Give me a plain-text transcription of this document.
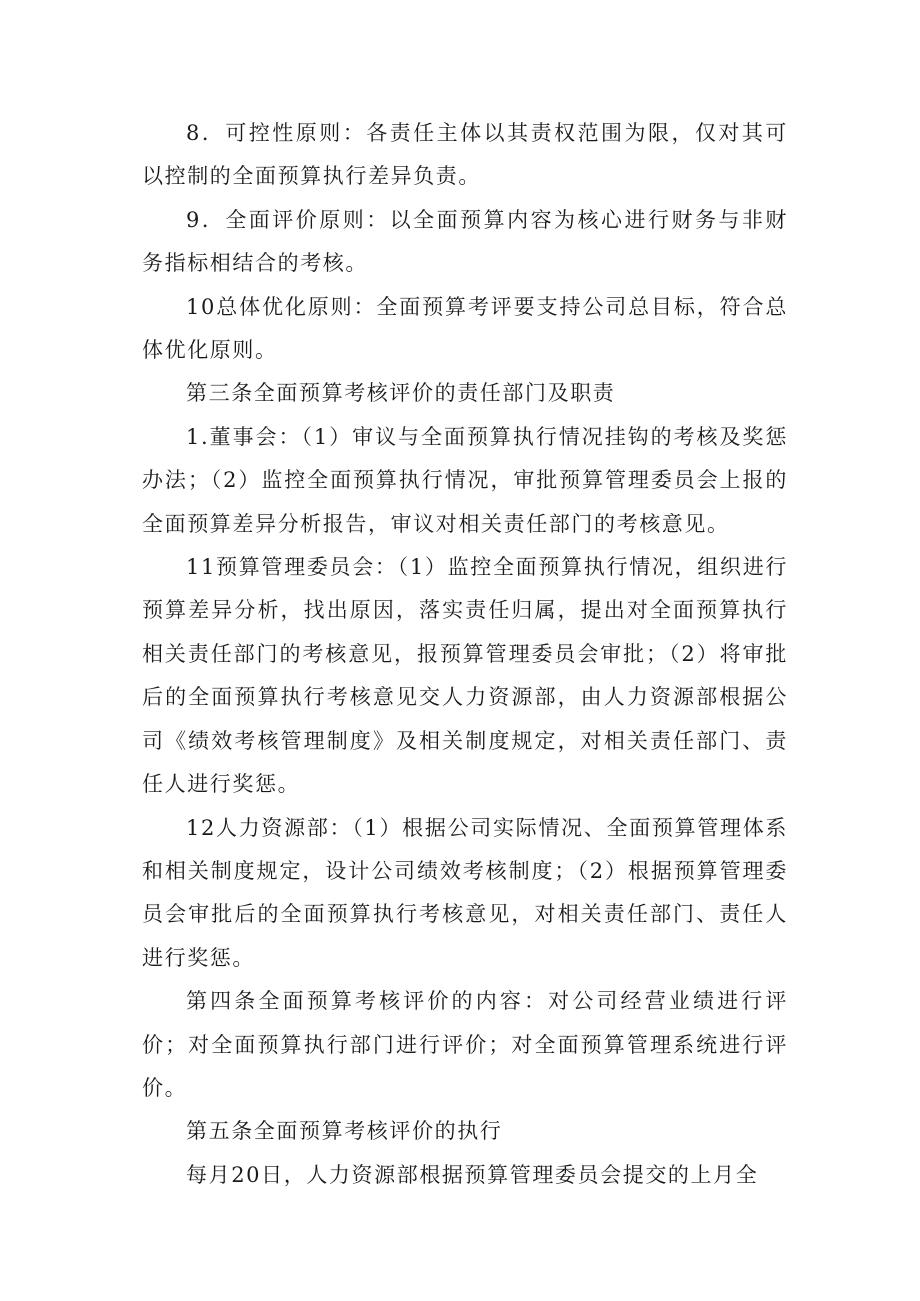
8．可控性原则：各责任主体以其责权范围为限，仅对其可以控制的全面预算执行差异负责。

9．全面评价原则：以全面预算内容为核心进行财务与非财务指标相结合的考核。

10总体优化原则：全面预算考评要支持公司总目标，符合总体优化原则。

第三条全面预算考核评价的责任部门及职责

1.董事会：（1）审议与全面预算执行情况挂钩的考核及奖惩办法；（2）监控全面预算执行情况，审批预算管理委员会上报的全面预算差异分析报告，审议对相关责任部门的考核意见。

11预算管理委员会：（1）监控全面预算执行情况，组织进行预算差异分析，找出原因，落实责任归属，提出对全面预算执行相关责任部门的考核意见，报预算管理委员会审批；（2）将审批后的全面预算执行考核意见交人力资源部，由人力资源部根据公司《绩效考核管理制度》及相关制度规定，对相关责任部门、责任人进行奖惩。

12人力资源部：（1）根据公司实际情况、全面预算管理体系和相关制度规定，设计公司绩效考核制度；（2）根据预算管理委员会审批后的全面预算执行考核意见，对相关责任部门、责任人进行奖惩。

第四条全面预算考核评价的内容：对公司经营业绩进行评价；对全面预算执行部门进行评价；对全面预算管理系统进行评价。

第五条全面预算考核评价的执行

每月20日，人力资源部根据预算管理委员会提交的上月全
